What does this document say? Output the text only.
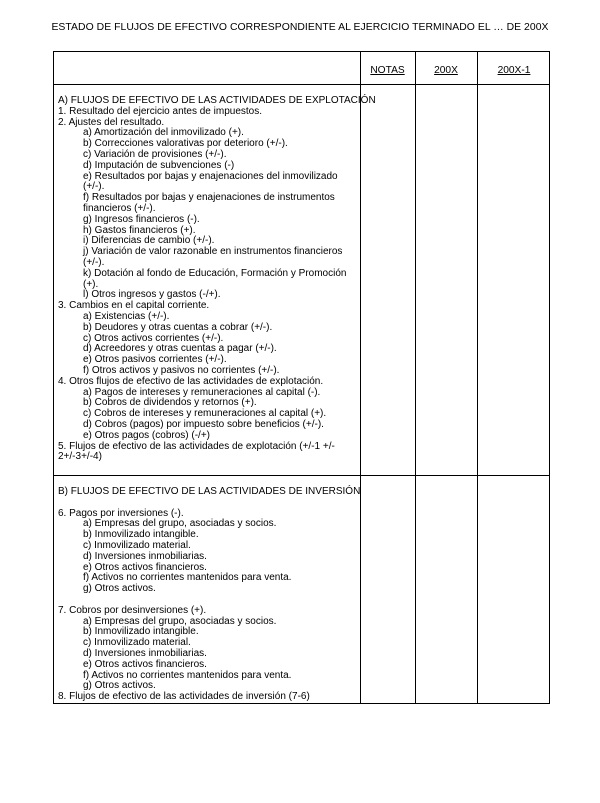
ESTADO DE FLUJOS DE EFECTIVO CORRESPONDIENTE AL EJERCICIO TERMINADO EL … DE 200X
NOTAS	200X	200X-1
A) FLUJOS DE EFECTIVO DE LAS ACTIVIDADES DE EXPLOTACIÓN
1. Resultado del ejercicio antes de impuestos.
2. Ajustes del resultado.
a) Amortización del inmovilizado (+).
b) Correcciones valorativas por deterioro (+/-).
c) Variación de provisiones (+/-).
d) Imputación de subvenciones (-)
e) Resultados por bajas y enajenaciones del inmovilizado
(+/-).
f) Resultados por bajas y enajenaciones de instrumentos
financieros (+/-).
g) Ingresos financieros (-).
h) Gastos financieros (+).
i) Diferencias de cambio (+/-).
j) Variación de valor razonable en instrumentos financieros
(+/-).
k) Dotación al fondo de Educación, Formación y Promoción
(+).
l) Otros ingresos y gastos (-/+).
3. Cambios en el capital corriente.
a) Existencias (+/-).
b) Deudores y otras cuentas a cobrar (+/-).
c) Otros activos corrientes (+/-).
d) Acreedores y otras cuentas a pagar (+/-).
e) Otros pasivos corrientes (+/-).
f) Otros activos y pasivos no corrientes (+/-).
4. Otros flujos de efectivo de las actividades de explotación.
a) Pagos de intereses y remuneraciones al capital (-).
b) Cobros de dividendos y retornos (+).
c) Cobros de intereses y remuneraciones al capital (+).
d) Cobros (pagos) por impuesto sobre beneficios (+/-).
e) Otros pagos (cobros) (-/+)
5. Flujos de efectivo de las actividades de explotación (+/-1 +/-
2+/-3+/-4)
B) FLUJOS DE EFECTIVO DE LAS ACTIVIDADES DE INVERSIÓN
6. Pagos por inversiones (-).
a) Empresas del grupo, asociadas y socios.
b) Inmovilizado intangible.
c) Inmovilizado material.
d) Inversiones inmobiliarias.
e) Otros activos financieros.
f) Activos no corrientes mantenidos para venta.
g) Otros activos.
7. Cobros por desinversiones (+).
a) Empresas del grupo, asociadas y socios.
b) Inmovilizado intangible.
c) Inmovilizado material.
d) Inversiones inmobiliarias.
e) Otros activos financieros.
f) Activos no corrientes mantenidos para venta.
g) Otros activos.
8. Flujos de efectivo de las actividades de inversión (7-6)
